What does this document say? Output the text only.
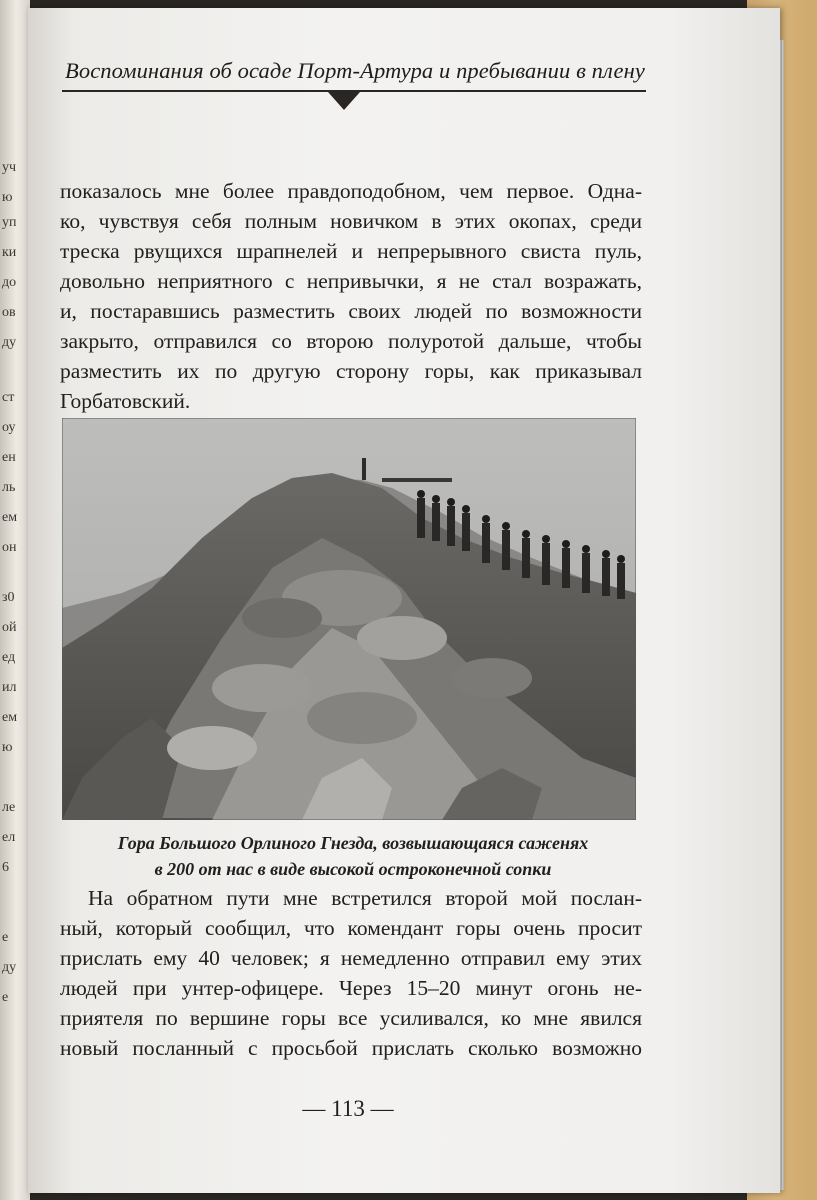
уч
ю
уп
ки
до
ов
ду
ст
оу
ен
ль
ем
он
з0
ой
ед
ил
ем
ю
ле
ел
6
е
ду
е
Воспоминания об осаде Порт-Артура и пребывании в плену
показалось мне более правдоподобном, чем первое. Одна-
ко, чувствуя себя полным новичком в этих окопах, среди
треска рвущихся шрапнелей и непрерывного свиста пуль,
довольно неприятного с непривычки, я не стал возражать,
и, постаравшись разместить своих людей по возможности
закрыто, отправился со второю полуротой дальше, чтобы
разместить их по другую сторону горы, как приказывал
Горбатовский.
Гора Большого Орлиного Гнезда, возвышающаяся саженях
в 200 от нас в виде высокой остроконечной сопки
На обратном пути мне встретился второй мой послан-
ный, который сообщил, что комендант горы очень просит
прислать ему 40 человек; я немедленно отправил ему этих
людей при унтер-офицере. Через 15–20 минут огонь не-
приятеля по вершине горы все усиливался, ко мне явился
новый посланный с просьбой прислать сколько возможно
— 113 —
